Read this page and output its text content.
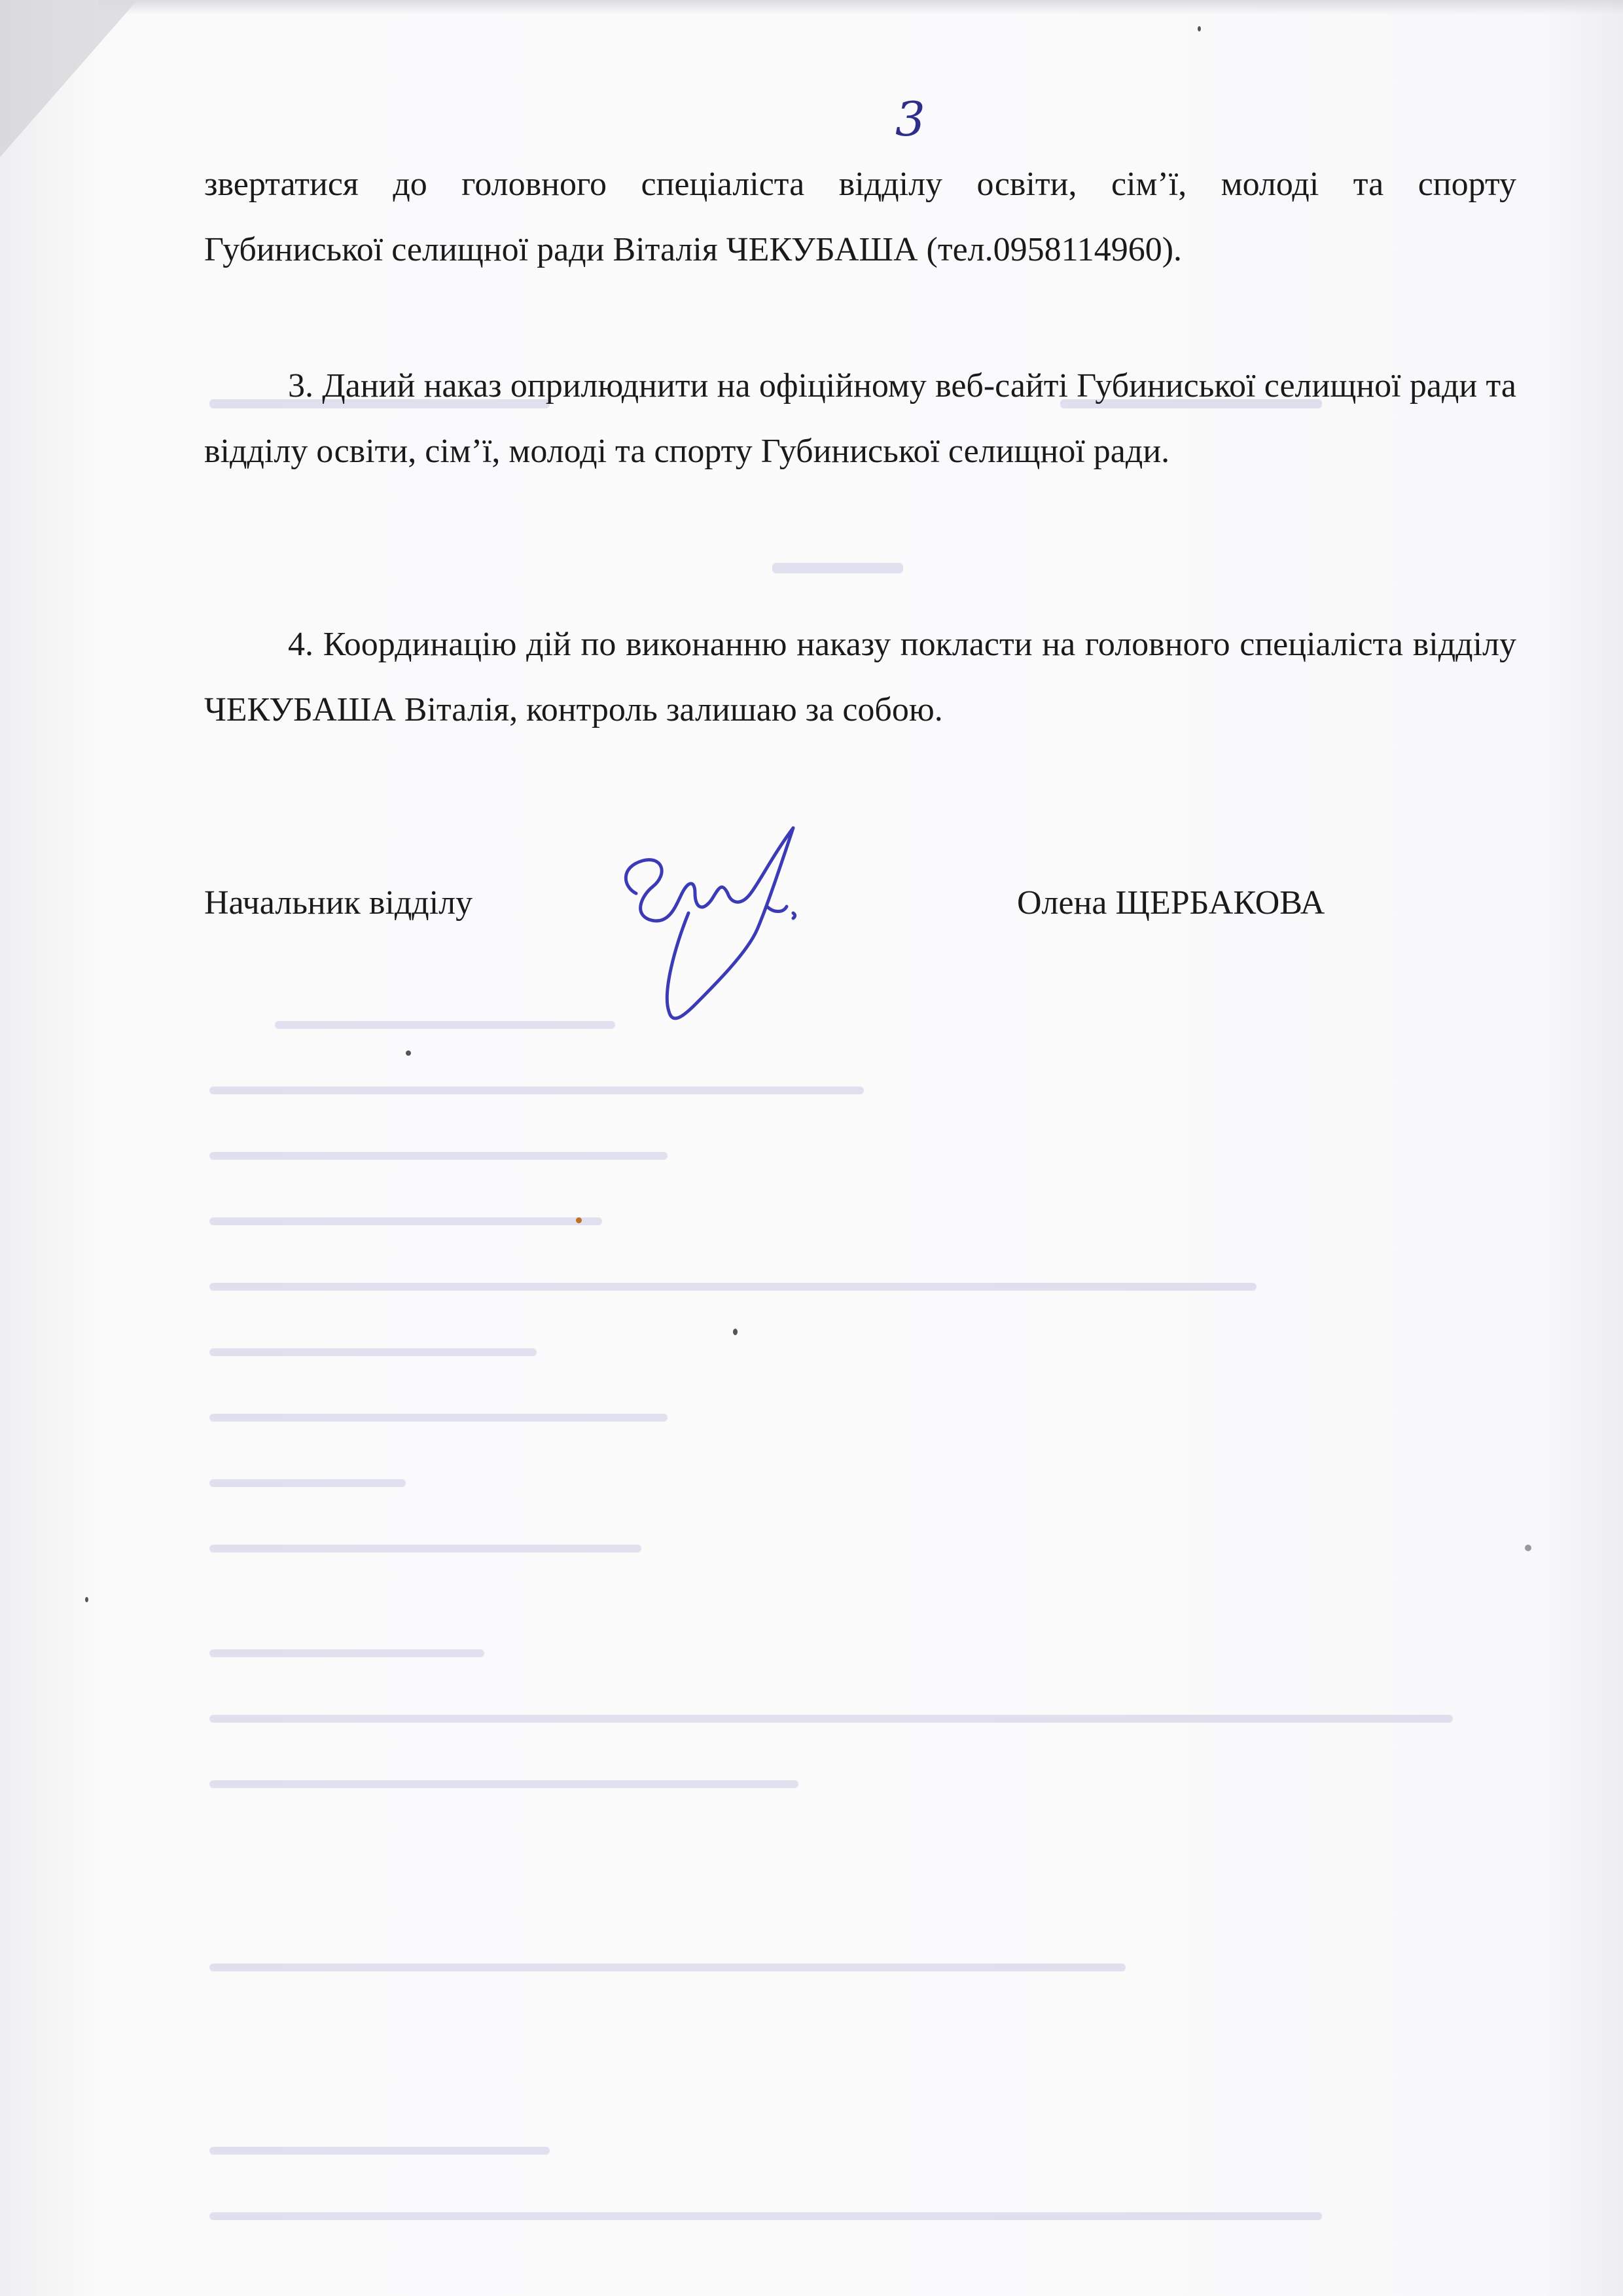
3
звертатися до головного спеціаліста відділу освіти, сім’ї, молоді та спорту
Губиниської селищної ради Віталія ЧЕКУБАША (тел.0958114960).
3. Даний наказ оприлюднити на офіційному веб-сайті Губиниської селищної ради та відділу освіти, сім’ї, молоді та спорту Губиниської селищної ради.
4. Координацію дій по виконанню наказу покласти на головного спеціаліста відділу ЧЕКУБАША Віталія, контроль залишаю за собою.
Начальник відділу	Олена ЩЕРБАКОВА
